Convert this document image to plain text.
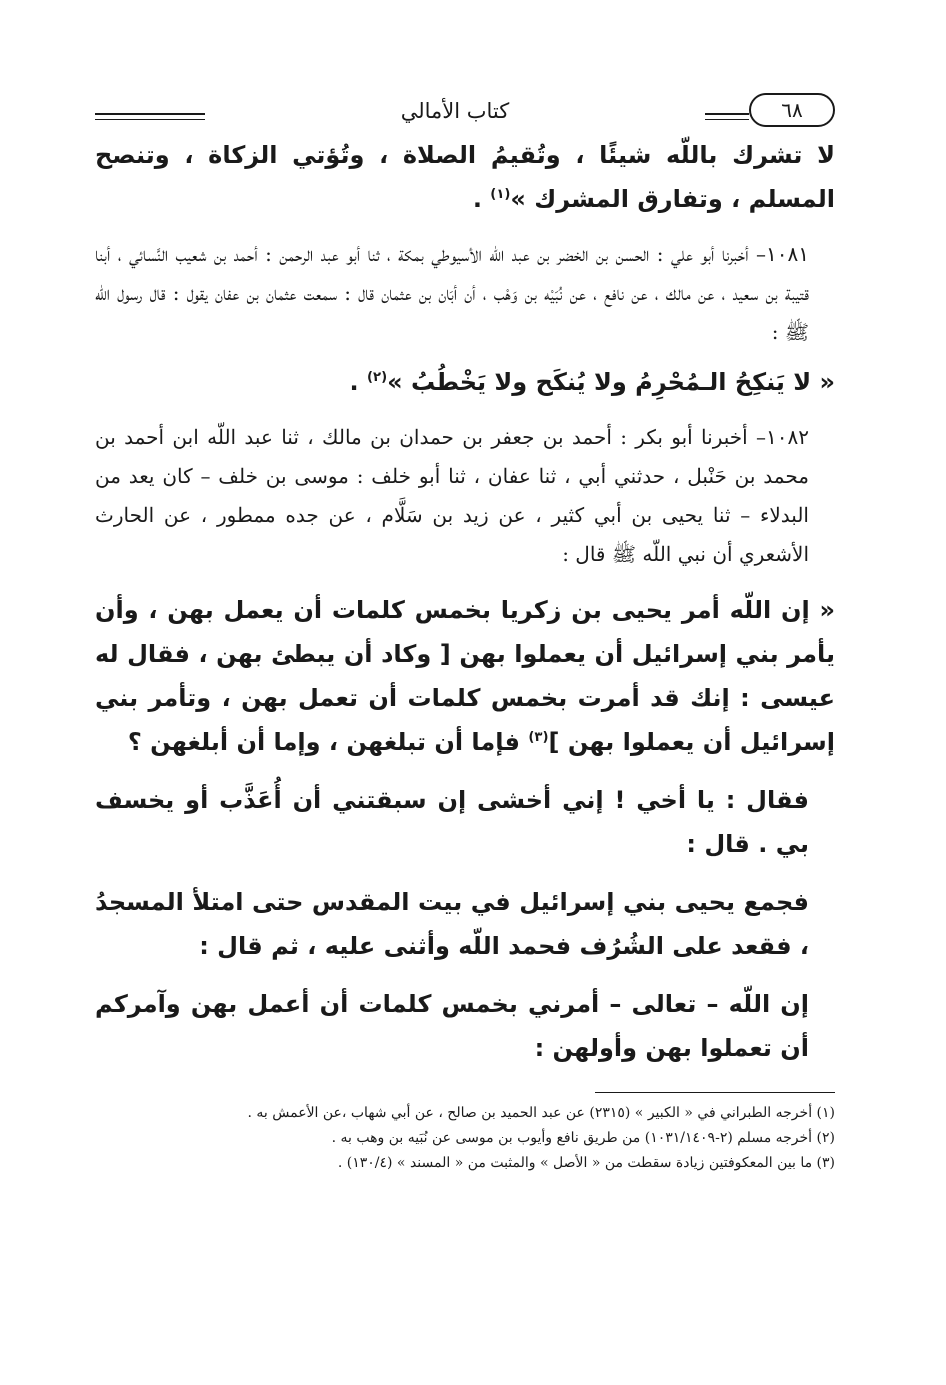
٦٨
كتاب الأمالي

لا تشرك باللّه شيئًا ، وتُقيمُ الصلاة ، وتُؤتي الزكاة ، وتنصح المسلم ، وتفارق المشرك »$^{(١)}$ .

١٠٨١– أخبرنا أبو علي : الحسن بن الخضر بن عبد اللّه الأسيوطي بمكة ، ثنا أبو عبد الرحمن : أحمد بن شعيب النَّسائي ، أبنا قتيبة بن سعيد ، عن مالك ، عن نافع ، عن نُبَيْه بن وَهْب ، أن أبَان بن عثمان قال : سمعت عثمان بن عفان يقول : قال رسول اللّه ﷺ :

« لا يَنكِحُ الـمُحْرِمُ ولا يُنكَح ولا يَخْطُبُ »$^{(٢)}$ .

١٠٨٢– أخبرنا أبو بكر : أحمد بن جعفر بن حمدان بن مالك ، ثنا عبد اللّه ابن أحمد بن محمد بن حَنْبل ، حدثني أبي ، ثنا عفان ، ثنا أبو خلف : موسى بن خلف – كان يعد من البدلاء – ثنا يحيى بن أبي كثير ، عن زيد بن سَلَّام ، عن جده ممطور ، عن الحارث الأشعري أن نبي اللّه ﷺ قال :

« إن اللّه أمر يحيى بن زكريا بخمس كلمات أن يعمل بهن ، وأن يأمر بني إسرائيل أن يعملوا بهن [ وكاد أن يبطئ بهن ، فقال له عيسى : إنك قد أمرت بخمس كلمات أن تعمل بهن ، وتأمر بني إسرائيل أن يعملوا بهن ]$^{(٣)}$ فإما أن تبلغهن ، وإما أن أبلغهن ؟

فقال : يا أخي ! إني أخشى إن سبقتني أن أُعَذَّب أو يخسف بي . قال :

فجمع يحيى بني إسرائيل في بيت المقدس حتى امتلأ المسجدُ ، فقعد على الشُرُف فحمد اللّه وأثنى عليه ، ثم قال :

إن اللّه – تعالى – أمرني بخمس كلمات أن أعمل بهن وآمركم أن تعملوا بهن وأولهن :

(١) أخرجه الطبراني في « الكبير » (٢٣١٥) عن عبد الحميد بن صالح ، عن أبي شهاب ،عن الأعمش به .
(٢) أخرجه مسلم (٢-١٠٣١/١٤٠٩) من طريق نافع وأيوب بن موسى عن نُبَيه بن وهب به .
(٣) ما بين المعكوفتين زيادة سقطت من « الأصل » والمثبت من « المسند » (١٣٠/٤) .
